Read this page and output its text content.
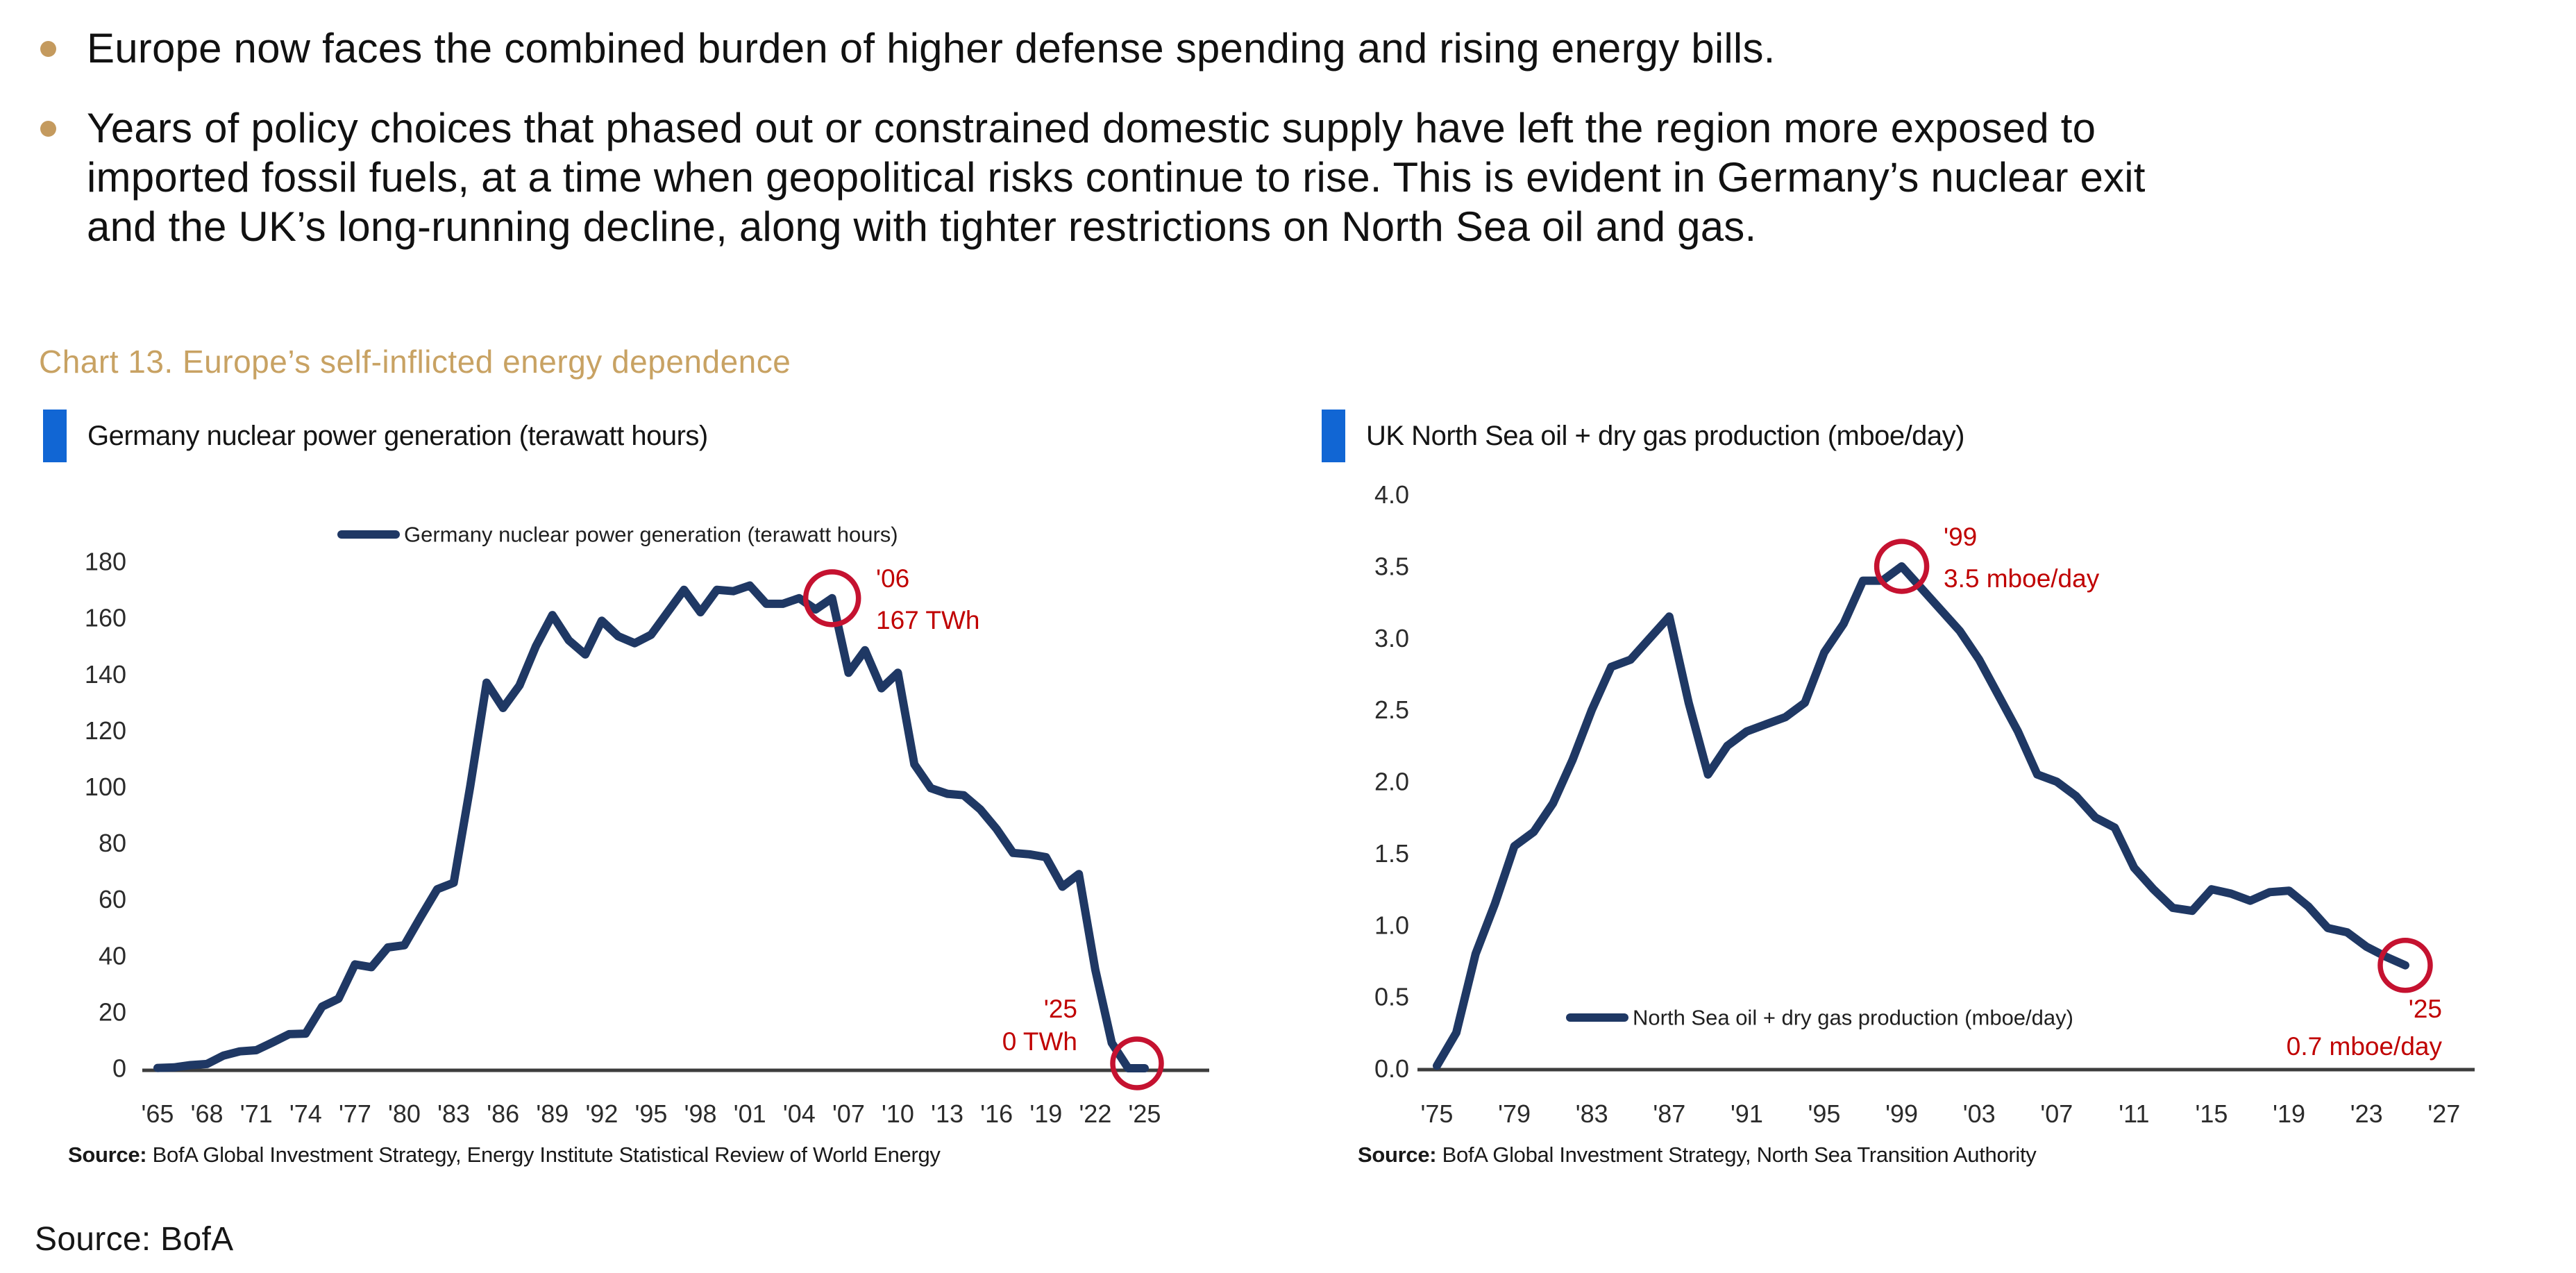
Europe now faces the combined burden of higher defense spending and rising energy bills.
Years of policy choices that phased out or constrained domestic supply have left the region more exposed to
imported fossil fuels, at a time when geopolitical risks continue to rise. This is evident in Germany’s nuclear exit
and the UK’s long-running decline, along with tighter restrictions on North Sea oil and gas.
Chart 13. Europe’s self-inflicted energy dependence
Germany nuclear power generation (terawatt hours)	UK North Sea oil + dry gas production (mboe/day)
180
160
140
120
100
80
60
40
20
0
'65 '68 '71 '74 '77 '80 '83 '86 '89 '92 '95 '98 '01 '04 '07 '10 '13 '16 '19 '22 '25
Germany nuclear power generation (terawatt hours)
'06
167 TWh
'25
0 TWh
4.0
3.5
3.0
2.5
2.0
1.5
1.0
0.5
0.0
'75 '79 '83 '87 '91 '95 '99 '03 '07 '11 '15 '19 '23 '27
North Sea oil + dry gas production (mboe/day)
'99
3.5 mboe/day
'25
0.7 mboe/day
Source: BofA Global Investment Strategy, Energy Institute Statistical Review of World Energy	Source: BofA Global Investment Strategy, North Sea Transition Authority
Source: BofA
